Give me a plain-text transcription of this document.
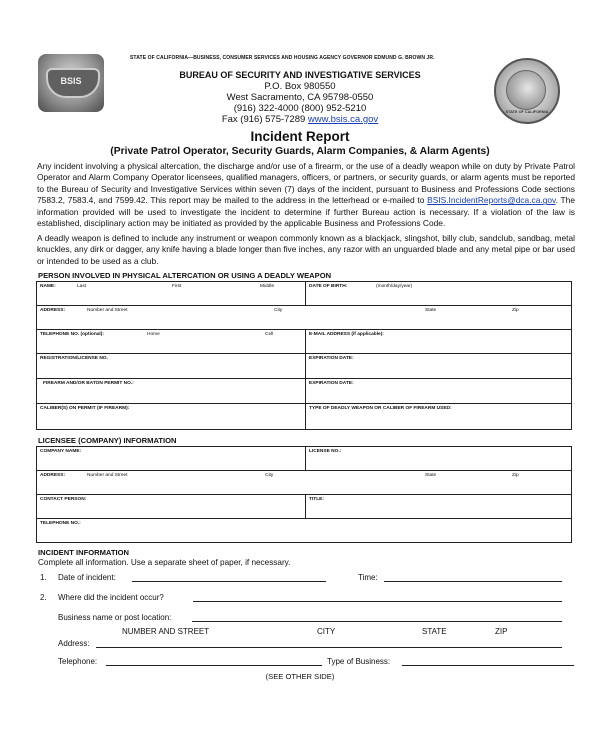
STATE OF CALIFORNIA—BUSINESS, CONSUMER SERVICES AND HOUSING AGENCY GOVERNOR EDMUND G. BROWN JR.
BSIS
STATE OF CALIFORNIA
BUREAU OF SECURITY AND INVESTIGATIVE SERVICES
P.O. Box 980550
West Sacramento, CA 95798-0550
(916) 322-4000 (800) 952-5210
Fax (916) 575-7289 www.bsis.ca.gov
Incident Report
(Private Patrol Operator, Security Guards, Alarm Companies, & Alarm Agents)
Any incident involving a physical altercation, the discharge and/or use of a firearm, or the use of a deadly weapon while on duty by Private Patrol Operator and Alarm Company Operator licensees, qualified managers, officers, or partners, or security guards, or alarm agents must be reported to the Bureau of Security and Investigative Services within seven (7) days of the incident, pursuant to Business and Professions Code sections 7583.2, 7583.4, and 7599.42. This report may be mailed to the address in the letterhead or e-mailed to BSIS.IncidentReports@dca.ca.gov. The information provided will be used to investigate the incident to determine if further Bureau action is necessary. If a violation of the law is established, disciplinary action may be initiated as provided by the applicable Business and Professions Code.
A deadly weapon is defined to include any instrument or weapon commonly known as a blackjack, slingshot, billy club, sandclub, sandbag, metal knuckles, any dirk or dagger, any knife having a blade longer than five inches, any razor with an unguarded blade and any metal pipe or bar used or intended to be used as a club.
PERSON INVOLVED IN PHYSICAL ALTERCATION OR USING A DEADLY WEAPON
NAME: Last First Middle	DATE OF BIRTH: (month/day/year)

ADDRESS: Number and Street City State Zip	

TELEPHONE NO. (optional): Home Cell	E-MAIL ADDRESS (if applicable):

REGISTRATION/LICENSE NO.	EXPIRATION DATE:

FIREARM AND/OR BATON PERMIT NO.:	EXPIRATION DATE:

CALIBER(S) ON PERMIT (IF FIREARM):	TYPE OF DEADLY WEAPON OR CALIBER OF FIREARM USED:
LICENSEE (COMPANY) INFORMATION
COMPANY NAME:	LICENSE NO.:

ADDRESS: Number and Street City State Zip	

CONTACT PERSON:	TITLE:

TELEPHONE NO.:	
INCIDENT INFORMATION
Complete all information. Use a separate sheet of paper, if necessary.
1. Date of incident:	Time:
2. Where did the incident occur?
Business name or post location:
NUMBER AND STREET	CITY	STATE	ZIP
Address:
Telephone:	Type of Business:
(SEE OTHER SIDE)
